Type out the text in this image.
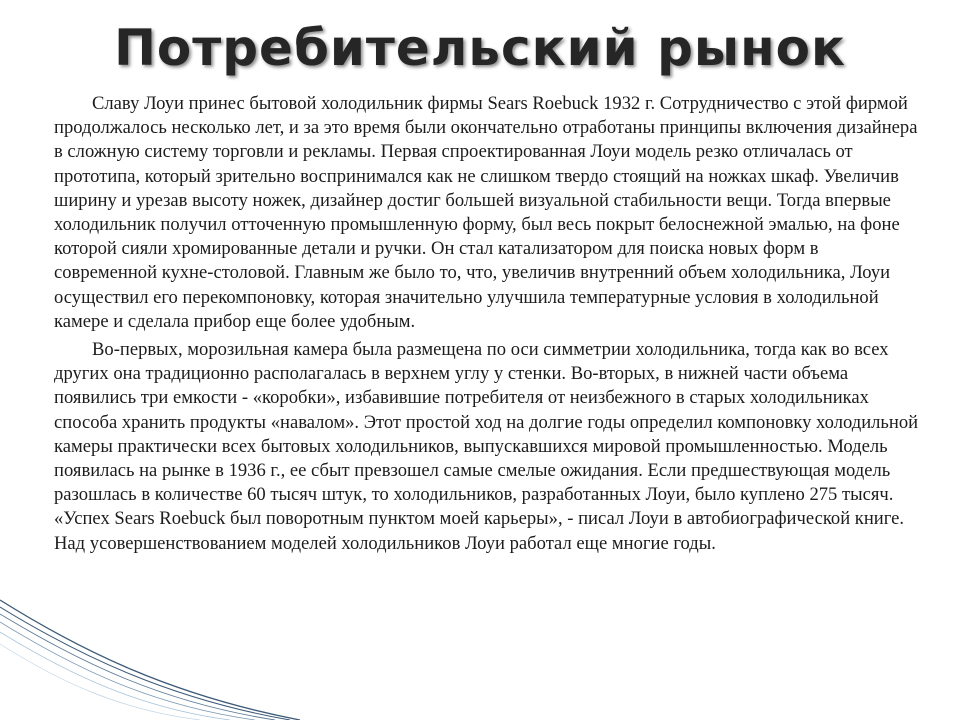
Потребительский рынок

Славу Лоуи принес бытовой холодильник фирмы Sears Roebuck 1932 г. Сотрудничество с этой фирмой продолжалось несколько лет, и за это время были окончательно отработаны принципы включения дизайнера в сложную систему торговли и рекламы. Первая спроектированная Лоуи модель резко отличалась от прототипа, который зрительно воспринимался как не слишком твердо стоящий на ножках шкаф. Увеличив ширину и урезав высоту ножек, дизайнер достиг большей визуальной стабильности вещи. Тогда впервые холодильник получил отточенную промышленную форму, был весь покрыт белоснежной эмалью, на фоне которой сияли хромированные детали и ручки. Он стал катализатором для поиска новых форм в современной кухне-столовой. Главным же было то, что, увеличив внутренний объем холодильника, Лоуи осуществил его перекомпоновку, которая значительно улучшила температурные условия в холодильной камере и сделала прибор еще более удобным.

Во-первых, морозильная камера была размещена по оси симметрии холодильника, тогда как во всех других она традиционно располагалась в верхнем углу у стенки. Во-вторых, в нижней части объема появились три емкости - «коробки», избавившие потребителя от неизбежного в старых холодильниках способа хранить продукты «навалом». Этот простой ход на долгие годы определил компоновку холодильной камеры практически всех бытовых холодильников, выпускавшихся мировой промышленностью. Модель появилась на рынке в 1936 г., ее сбыт превзошел самые смелые ожидания. Если предшествующая модель разошлась в количестве 60 тысяч штук, то холодильников, разработанных Лоуи, было куплено 275 тысяч. «Успех Sears Roebuck был поворотным пунктом моей карьеры», - писал Лоуи в автобиографической книге. Над усовершенствованием моделей холодильников Лоуи работал еще многие годы.
